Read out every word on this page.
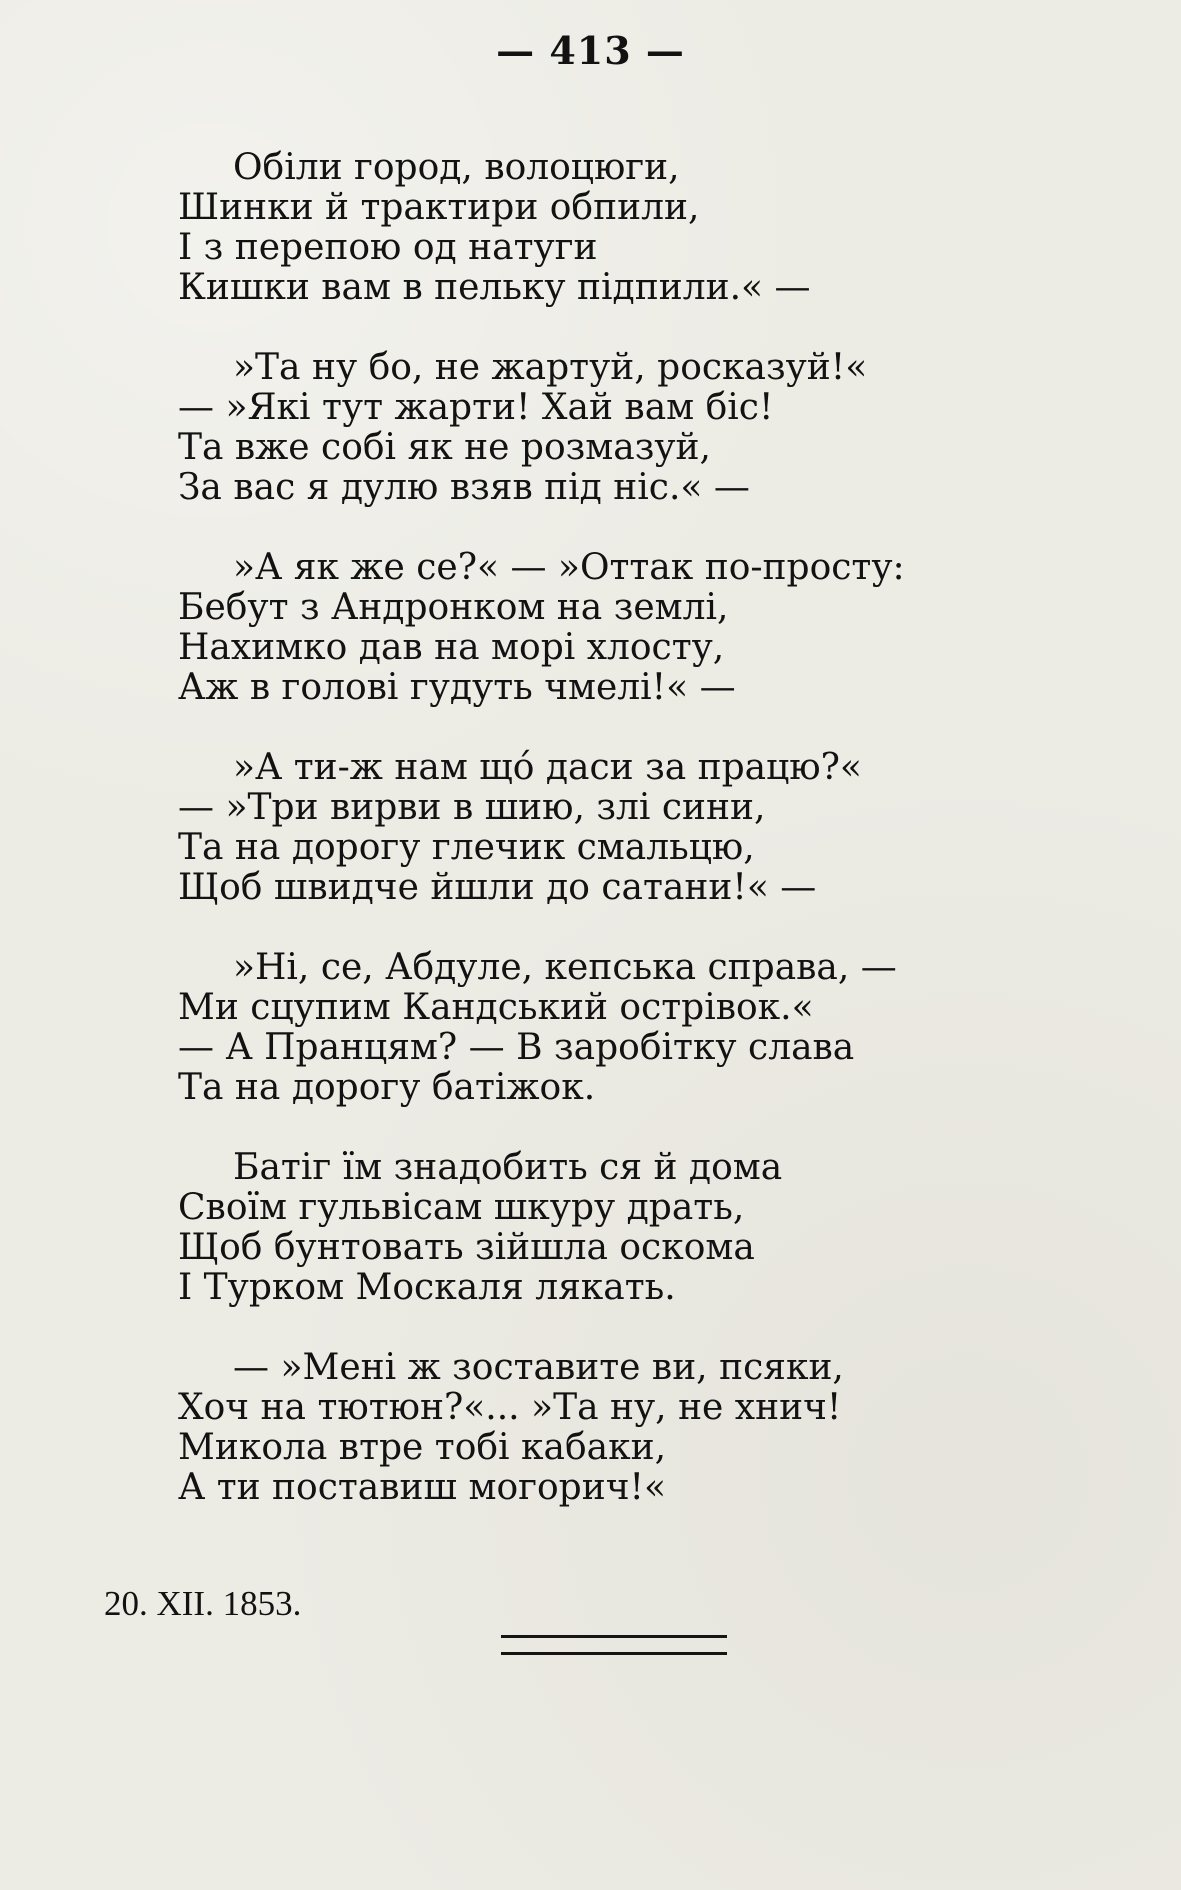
— 413 —
Обіли город, волоцюги,
Шинки й трактири обпили,
І з перепою од натуги
Кишки вам в пельку підпили.« —
»Та ну бо, не жартуй, росказуй!«
— »Які тут жарти! Хай вам біс!
Та вже собі як не розмазуй,
За вас я дулю взяв під ніс.« —
»А як же се?« — »Оттак по-просту:
Бебут з Андронком на землі,
Нахимко дав на морі хлосту,
Аж в голові гудуть чмелі!« —
»А ти-ж нам щó даси за працю?«
— »Три вирви в шию, злі сини,
Та на дорогу глечик смальцю,
Щоб швидче йшли до сатани!« —
»Ні, се, Абдуле, кепська справа, —
Ми сцупим Кандський острівок.«
— А Пранцям? — В заробітку слава
Та на дорогу батіжок.
Батіг їм знадобить ся й дома
Своїм гульвісам шкуру драть,
Щоб бунтовать зійшла оскома
І Турком Москаля лякать.
— »Мені ж зоставите ви, псяки,
Хоч на тютюн?«... »Та ну, не хнич!
Микола втре тобі кабаки,
А ти поставиш могорич!«
20. XII. 1853.
